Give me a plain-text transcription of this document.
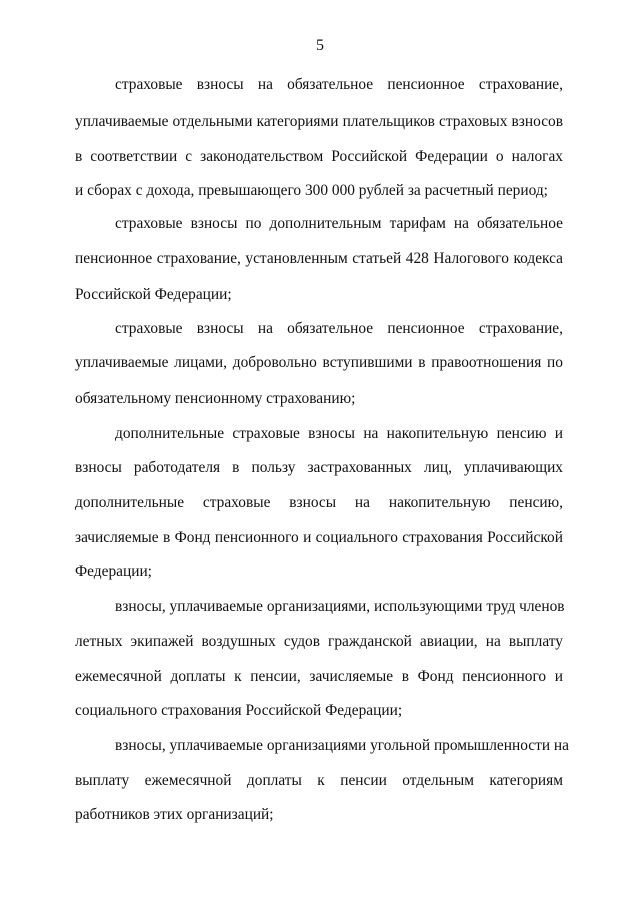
5
страховые взносы на обязательное пенсионное страхование,
уплачиваемые отдельными категориями плательщиков страховых взносов
в соответствии с законодательством Российской Федерации о налогах
и сборах с дохода, превышающего 300 000 рублей за расчетный период;
страховые взносы по дополнительным тарифам на обязательное
пенсионное страхование, установленным статьей 428 Налогового кодекса
Российской Федерации;
страховые взносы на обязательное пенсионное страхование,
уплачиваемые лицами, добровольно вступившими в правоотношения по
обязательному пенсионному страхованию;
дополнительные страховые взносы на накопительную пенсию и
взносы работодателя в пользу застрахованных лиц, уплачивающих
дополнительные страховые взносы на накопительную пенсию,
зачисляемые в Фонд пенсионного и социального страхования Российской
Федерации;
взносы, уплачиваемые организациями, использующими труд членов
летных экипажей воздушных судов гражданской авиации, на выплату
ежемесячной доплаты к пенсии, зачисляемые в Фонд пенсионного и
социального страхования Российской Федерации;
взносы, уплачиваемые организациями угольной промышленности на
выплату ежемесячной доплаты к пенсии отдельным категориям
работников этих организаций;
